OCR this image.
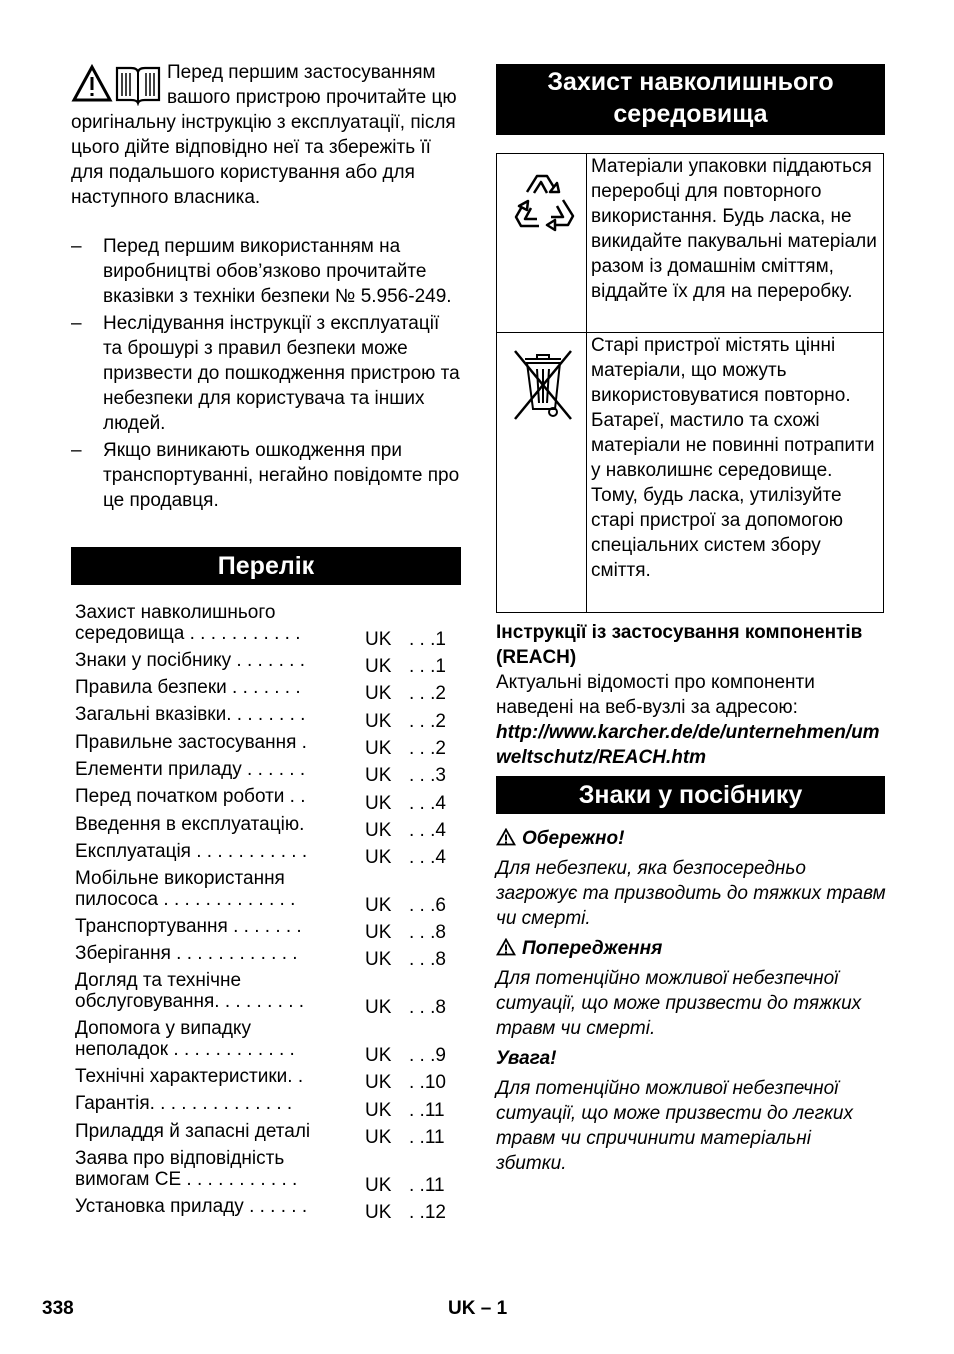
Перед першим застосуванням вашого пристрою прочитайте цю оригінальну інструкцію з експлуатації, після цього дійте відповідно неї та збережіть її для подальшого користування або для наступного власника.

– Перед першим використанням на виробництві обов’язково прочитайте вказівки з техніки безпеки № 5.956-249.
– Неслідування інструкції з експлуатації та брошурі з правил безпеки може призвести до пошкодження пристрою та небезпеки для користувача та інших людей.
– Якщо виникають ошкодження при транспортуванні, негайно повідомте про це продавця.
Перелік
Захист навколишнього
середовища . . . . . . . . . . .	UK . . .1
Знаки у посібнику . . . . . . .	UK . . .1
Правила безпеки . . . . . . .	UK . . .2
Загальні вказівки. . . . . . . .	UK . . .2
Правильне застосування .	UK . . .2
Елементи приладу . . . . . .	UK . . .3
Перед початком роботи . .	UK . . .4
Введення в експлуатацію.	UK . . .4
Експлуатація . . . . . . . . . . .	UK . . .4
Мобільне використання
пилососа . . . . . . . . . . . . .	UK . . .6
Транспортування . . . . . . .	UK . . .8
Зберігання . . . . . . . . . . . .	UK . . .8
Догляд та технічне
обслуговування. . . . . . . . .	UK . . .8
Допомога у випадку
неполадок . . . . . . . . . . . .	UK . . .9
Технічні характеристики. .	UK . .10
Гарантія. . . . . . . . . . . . . .	UK . .11
Приладдя й запасні деталі	UK . .11
Заява про відповідність
вимогам CE . . . . . . . . . . .	UK . .11
Установка приладу . . . . . .	UK . .12
Захист навколишнього
середовища
	Матеріали упаковки піддаються переробці для повторного використання. Будь ласка, не викидайте пакувальні матеріали разом із домашнім сміттям, віддайте їх для на переробку.
	Старі пристрої містять цінні матеріали, що можуть використовуватися повторно. Батареї, мастило та схожі матеріали не повинні потрапити у навколишнє середовище. Тому, будь ласка, утилізуйте старі пристрої за допомогою спеціальних систем збору сміття.

Інструкції із застосування компонентів (REACH)

Актуальні відомості про компоненти наведені на веб-вузлі за адресою:

http://www.karcher.de/de/unternehmen/umweltschutz/REACH.htm

Знаки у посібнику

Обережно!

Для небезпеки, яка безпосередньо загрожує та призводить до тяжких травм чи смерті.

Попередження

Для потенційно можливої небезпечної ситуації, що може призвести до тяжких травм чи смерті.

Увага!

Для потенційно можливої небезпечної ситуації, що може призвести до легких травм чи спричинити матеріальні збитки.

338	UK – 1
